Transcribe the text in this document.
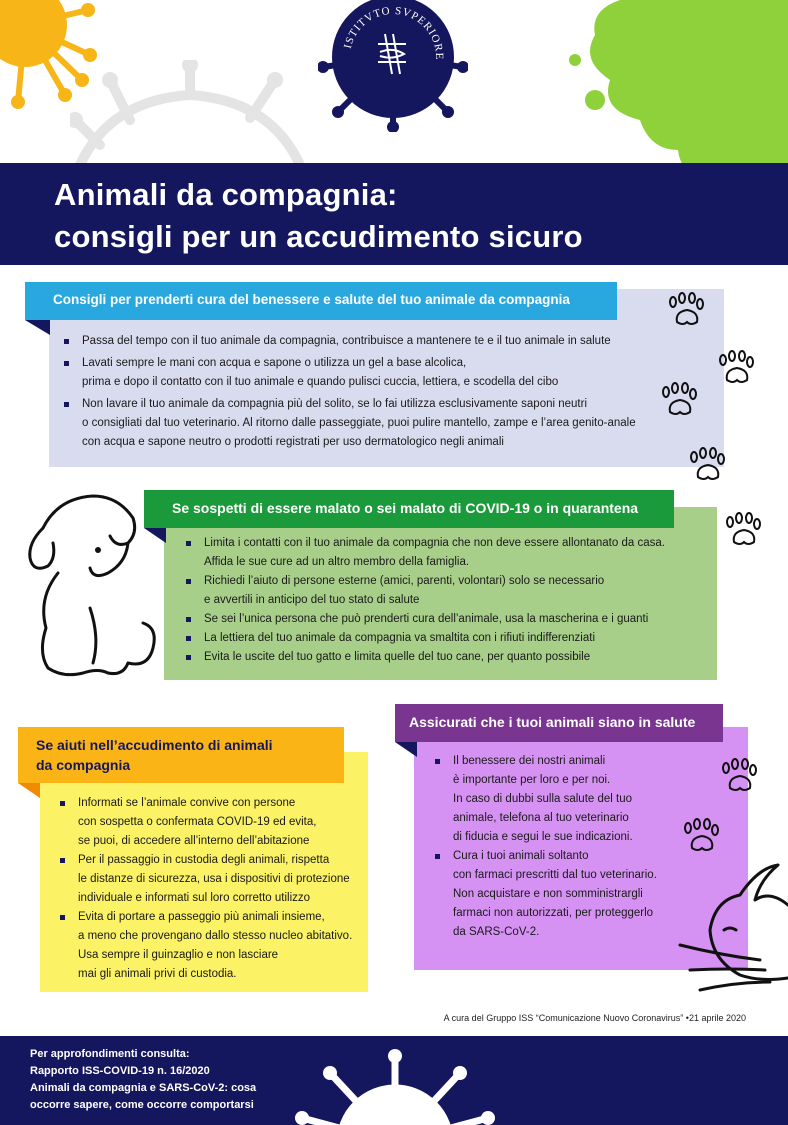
ISTITVTO SVPERIORE
Animali da compagnia:
consigli per un accudimento sicuro
Consigli per prenderti cura del benessere e salute del tuo animale da compagnia
Passa del tempo con il tuo animale da compagnia, contribuisce a mantenere te e il tuo animale in salute
Lavati sempre le mani con acqua e sapone o utilizza un gel a base alcolica,
prima e dopo il contatto con il tuo animale e quando pulisci cuccia, lettiera, e scodella del cibo
Non lavare il tuo animale da compagnia più del solito, se lo fai utilizza esclusivamente saponi neutri
o consigliati dal tuo veterinario. Al ritorno dalle passeggiate, puoi pulire mantello, zampe e l’area genito-anale
con acqua e sapone neutro o prodotti registrati per uso dermatologico negli animali
Se sospetti di essere malato o sei malato di COVID-19 o in quarantena
Limita i contatti con il tuo animale da compagnia che non deve essere allontanato da casa.
Affida le sue cure ad un altro membro della famiglia.
Richiedi l’aiuto di persone esterne (amici, parenti, volontari) solo se necessario
e avvertili in anticipo del tuo stato di salute
Se sei l’unica persona che può prenderti cura dell’animale, usa la mascherina e i guanti
La lettiera del tuo animale da compagnia va smaltita con i rifiuti indifferenziati
Evita le uscite del tuo gatto e limita quelle del tuo cane, per quanto possibile
Se aiuti nell’accudimento di animali
da compagnia
Informati se l’animale convive con persone
con sospetta o confermata COVID-19 ed evita,
se puoi, di accedere all’interno dell’abitazione
Per il passaggio in custodia degli animali, rispetta
le distanze di sicurezza, usa i dispositivi di protezione
individuale e informati sul loro corretto utilizzo
Evita di portare a passeggio più animali insieme,
a meno che provengano dallo stesso nucleo abitativo.
Usa sempre il guinzaglio e non lasciare
mai gli animali privi di custodia.
Assicurati che i tuoi animali siano in salute
Il benessere dei nostri animali
è importante per loro e per noi.
In caso di dubbi sulla salute del tuo
animale, telefona al tuo veterinario
di fiducia e segui le sue indicazioni.
Cura i tuoi animali soltanto
con farmaci prescritti dal tuo veterinario.
Non acquistare e non somministrargli
farmaci non autorizzati, per proteggerlo
da SARS-CoV-2.
A cura del Gruppo ISS “Comunicazione Nuovo Coronavirus” •21 aprile 2020
Per approfondimenti consulta:
Rapporto ISS-COVID-19 n. 16/2020
Animali da compagnia e SARS-CoV-2: cosa
occorre sapere, come occorre comportarsi
